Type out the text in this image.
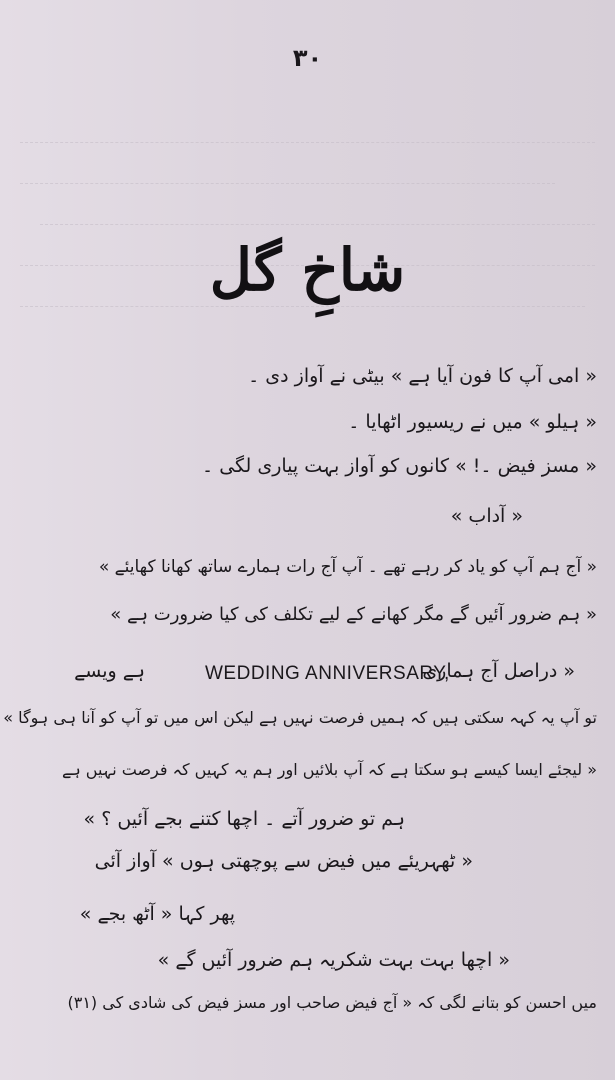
۳۰
شاخِ گل
« امی آپ کا فون آیا ہے » بیٹی نے آواز دی ۔
« ہیلو » میں نے ریسیور اٹھایا ۔
« مسز فیض ۔! » کانوں کو آواز بہت پیاری لگی ۔
« آداب »
« آج ہم آپ کو یاد کر رہے تھے ۔ آپ آج رات ہمارے ساتھ کھانا کھایئے »
« ہم ضرور آئیں گے مگر کھانے کے لیے تکلف کی کیا ضرورت ہے »
« دراصل آج ہماری
ہے ویسے	WEDDING ANNIVERSARY,
تو آپ یہ کہہ سکتی ہیں کہ ہمیں فرصت نہیں ہے لیکن اس میں تو آپ کو آنا ہی ہوگا »
« لیجئے ایسا کیسے ہو سکتا ہے کہ آپ بلائیں اور ہم یہ کہیں کہ فرصت نہیں ہے
ہم تو ضرور آتے ۔ اچھا کتنے بجے آئیں ؟ »
« ٹھہریئے میں فیض سے پوچھتی ہوں » آواز آئی
پھر کہا « آٹھ بجے »
« اچھا بہت بہت شکریہ ہم ضرور آئیں گے »
میں احسن کو بتانے لگی کہ « آج فیض صاحب اور مسز فیض کی شادی کی (۳۱)
